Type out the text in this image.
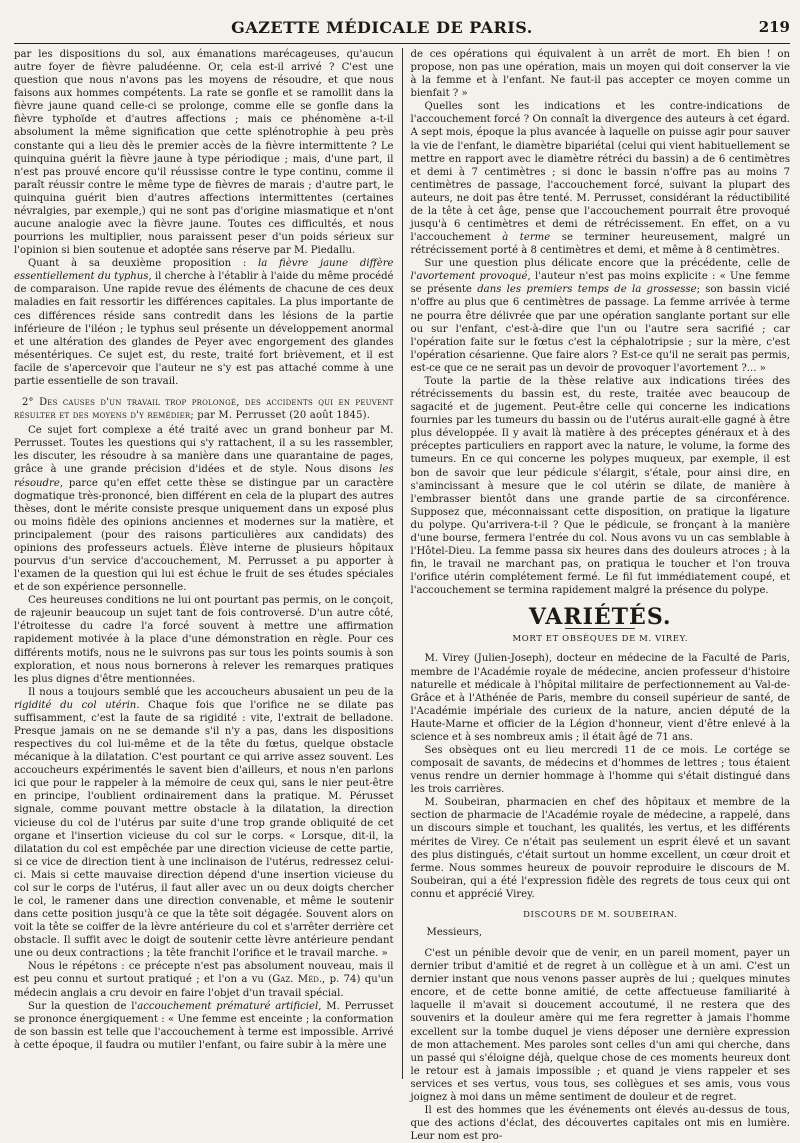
GAZETTE MÉDICALE DE PARIS.	219

par les dispositions du sol, aux émanations marécageuses, qu'aucun autre foyer de fièvre paludéenne. Or, cela est-il arrivé ? C'est une question que nous n'avons pas les moyens de résoudre, et que nous faisons aux hommes compétents. La rate se gonfle et se ramollit dans la fièvre jaune quand celle-ci se prolonge, comme elle se gonfle dans la fièvre typhoïde et d'autres affections ; mais ce phénomène a-t-il absolument la même signification que cette splénotrophie à peu près constante qui a lieu dès le premier accès de la fièvre intermittente ? Le quinquina guérit la fièvre jaune à type périodique ; mais, d'une part, il n'est pas prouvé encore qu'il réussisse contre le type continu, comme il paraît réussir contre le même type de fièvres de marais ; d'autre part, le quinquina guérit bien d'autres affections intermittentes (certaines névralgies, par exemple,) qui ne sont pas d'origine miasmatique et n'ont aucune analogie avec la fièvre jaune. Toutes ces difficultés, et nous pourrions les multiplier, nous paraissent peser d'un poids sérieux sur l'opinion si bien soutenue et adoptée sans réserve par M. Piedallu.

Quant à sa deuxième proposition : la fièvre jaune diffère essentiellement du typhus, il cherche à l'établir à l'aide du même procédé de comparaison. Une rapide revue des éléments de chacune de ces deux maladies en fait ressortir les différences capitales. La plus importante de ces différences réside sans contredit dans les lésions de la partie inférieure de l'iléon ; le typhus seul présente un développement anormal et une altération des glandes de Peyer avec engorgement des glandes mésentériques. Ce sujet est, du reste, traité fort brièvement, et il est facile de s'apercevoir que l'auteur ne s'y est pas attaché comme à une partie essentielle de son travail.

2° Des causes d'un travail trop prolongé, des accidents qui en peuvent résulter et des moyens d'y remédier; par M. Perrusset (20 août 1845).

Ce sujet fort complexe a été traité avec un grand bonheur par M. Perrusset. Toutes les questions qui s'y rattachent, il a su les rassembler, les discuter, les résoudre à sa manière dans une quarantaine de pages, grâce à une grande précision d'idées et de style. Nous disons les résoudre, parce qu'en effet cette thèse se distingue par un caractère dogmatique très-prononcé, bien différent en cela de la plupart des autres thèses, dont le mérite consiste presque uniquement dans un exposé plus ou moins fidèle des opinions anciennes et modernes sur la matière, et principalement (pour des raisons particulières aux candidats) des opinions des professeurs actuels. Élève interne de plusieurs hôpitaux pourvus d'un service d'accouchement, M. Perrusset a pu apporter à l'examen de la question qui lui est échue le fruit de ses études spéciales et de son expérience personnelle.

Ces heureuses conditions ne lui ont pourtant pas permis, on le conçoit, de rajeunir beaucoup un sujet tant de fois controversé. D'un autre côté, l'étroitesse du cadre l'a forcé souvent à mettre une affirmation rapidement motivée à la place d'une démonstration en règle. Pour ces différents motifs, nous ne le suivrons pas sur tous les points soumis à son exploration, et nous nous bornerons à relever les remarques pratiques les plus dignes d'être mentionnées.

Il nous a toujours semblé que les accoucheurs abusaient un peu de la rigidité du col utérin. Chaque fois que l'orifice ne se dilate pas suffisamment, c'est la faute de sa rigidité : vite, l'extrait de belladone. Presque jamais on ne se demande s'il n'y a pas, dans les dispositions respectives du col lui-même et de la tête du fœtus, quelque obstacle mécanique à la dilatation. C'est pourtant ce qui arrive assez souvent. Les accoucheurs expérimentés le savent bien d'ailleurs, et nous n'en parlons ici que pour le rappeler à la mémoire de ceux qui, sans le nier peut-être en principe, l'oublient ordinairement dans la pratique. M. Pérusset signale, comme pouvant mettre obstacle à la dilatation, la direction vicieuse du col de l'utérus par suite d'une trop grande obliquité de cet organe et l'insertion vicieuse du col sur le corps. « Lorsque, dit-il, la dilatation du col est empêchée par une direction vicieuse de cette partie, si ce vice de direction tient à une inclinaison de l'utérus, redressez celui-ci. Mais si cette mauvaise direction dépend d'une insertion vicieuse du col sur le corps de l'utérus, il faut aller avec un ou deux doigts chercher le col, le ramener dans une direction convenable, et même le soutenir dans cette position jusqu'à ce que la tête soit dégagée. Souvent alors on voit la tête se coiffer de la lèvre antérieure du col et s'arrêter derrière cet obstacle. Il suffit avec le doigt de soutenir cette lèvre antérieure pendant une ou deux contractions ; la tête franchit l'orifice et le travail marche. »

Nous le répétons : ce précepte n'est pas absolument nouveau, mais il est peu connu et surtout pratiqué ; et l'on a vu (Gaz. Méd., p. 74) qu'un médecin anglais a cru devoir en faire l'objet d'un travail spécial.

Sur la question de l'accouchement prématuré artificiel, M. Perrusset se prononce énergiquement : « Une femme est enceinte ; la conformation de son bassin est telle que l'accouchement à terme est impossible. Arrivé à cette époque, il faudra ou mutiler l'enfant, ou faire subir à la mère une

de ces opérations qui équivalent à un arrêt de mort. Eh bien ! on propose, non pas une opération, mais un moyen qui doit conserver la vie à la femme et à l'enfant. Ne faut-il pas accepter ce moyen comme un bienfait ? »

Quelles sont les indications et les contre-indications de l'accouchement forcé ? On connaît la divergence des auteurs à cet égard. A sept mois, époque la plus avancée à laquelle on puisse agir pour sauver la vie de l'enfant, le diamètre bipariétal (celui qui vient habituellement se mettre en rapport avec le diamètre rétréci du bassin) a de 6 centimètres et demi à 7 centimètres ; si donc le bassin n'offre pas au moins 7 centimètres de passage, l'accouchement forcé, suivant la plupart des auteurs, ne doit pas être tenté. M. Perrusset, considérant la réductibilité de la tête à cet âge, pense que l'accouchement pourrait être provoqué jusqu'à 6 centimètres et demi de rétrécissement. En effet, on a vu l'accouchement à terme se terminer heureusement, malgré un rétrécissement porté à 8 centimètres et demi, et même à 8 centimètres.

Sur une question plus délicate encore que la précédente, celle de l'avortement provoqué, l'auteur n'est pas moins explicite : « Une femme se présente dans les premiers temps de la grossesse; son bassin vicié n'offre au plus que 6 centimètres de passage. La femme arrivée à terme ne pourra être délivrée que par une opération sanglante portant sur elle ou sur l'enfant, c'est-à-dire que l'un ou l'autre sera sacrifié ; car l'opération faite sur le fœtus c'est la céphalotripsie ; sur la mère, c'est l'opération césarienne. Que faire alors ? Est-ce qu'il ne serait pas permis, est-ce que ce ne serait pas un devoir de provoquer l'avortement ?... »

Toute la partie de la thèse relative aux indications tirées des rétrécissements du bassin est, du reste, traitée avec beaucoup de sagacité et de jugement. Peut-être celle qui concerne les indications fournies par les tumeurs du bassin ou de l'utérus aurait-elle gagné à être plus développée. Il y avait là matière à des préceptes généraux et à des préceptes particuliers en rapport avec la nature, le volume, la forme des tumeurs. En ce qui concerne les polypes muqueux, par exemple, il est bon de savoir que leur pédicule s'élargit, s'étale, pour ainsi dire, en s'amincissant à mesure que le col utérin se dilate, de manière à l'embrasser bientôt dans une grande partie de sa circonférence. Supposez que, méconnaissant cette disposition, on pratique la ligature du polype. Qu'arrivera-t-il ? Que le pédicule, se fronçant à la manière d'une bourse, fermera l'entrée du col. Nous avons vu un cas semblable à l'Hôtel-Dieu. La femme passa six heures dans des douleurs atroces ; à la fin, le travail ne marchant pas, on pratiqua le toucher et l'on trouva l'orifice utérin complétement fermé. Le fil fut immédiatement coupé, et l'accouchement se termina rapidement malgré la présence du polype.

VARIÉTÉS.
MORT ET OBSÈQUES DE M. VIREY.

M. Virey (Julien-Joseph), docteur en médecine de la Faculté de Paris, membre de l'Académie royale de médecine, ancien professeur d'histoire naturelle et médicale à l'hôpital militaire de perfectionnement au Val-de-Grâce et à l'Athénée de Paris, membre du conseil supérieur de santé, de l'Académie impériale des curieux de la nature, ancien député de la Haute-Marne et officier de la Légion d'honneur, vient d'être enlevé à la science et à ses nombreux amis ; il était âgé de 71 ans.

Ses obsèques ont eu lieu mercredi 11 de ce mois. Le cortége se composait de savants, de médecins et d'hommes de lettres ; tous étaient venus rendre un dernier hommage à l'homme qui s'était distingué dans les trois carrières.

M. Soubeiran, pharmacien en chef des hôpitaux et membre de la section de pharmacie de l'Académie royale de médecine, a rappelé, dans un discours simple et touchant, les qualités, les vertus, et les différents mérites de Virey. Ce n'était pas seulement un esprit élevé et un savant des plus distingués, c'était surtout un homme excellent, un cœur droit et ferme. Nous sommes heureux de pouvoir reproduire le discours de M. Soubeiran, qui a été l'expression fidèle des regrets de tous ceux qui ont connu et apprécié Virey.

DISCOURS DE M. SOUBEIRAN.

Messieurs,

C'est un pénible devoir que de venir, en un pareil moment, payer un dernier tribut d'amitié et de regret à un collègue et à un ami. C'est un dernier instant que nous venons passer auprès de lui ; quelques minutes encore, et de cette bonne amitié, de cette affectueuse familiarité à laquelle il m'avait si doucement accoutumé, il ne restera que des souvenirs et la douleur amère qui me fera regretter à jamais l'homme excellent sur la tombe duquel je viens déposer une dernière expression de mon attachement. Mes paroles sont celles d'un ami qui cherche, dans un passé qui s'éloigne déjà, quelque chose de ces moments heureux dont le retour est à jamais impossible ; et quand je viens rappeler et ses services et ses vertus, vous tous, ses collègues et ses amis, vous vous joignez à moi dans un même sentiment de douleur et de regret.

Il est des hommes que les événements ont élevés au-dessus de tous, que des actions d'éclat, des découvertes capitales ont mis en lumière. Leur nom est pro-
